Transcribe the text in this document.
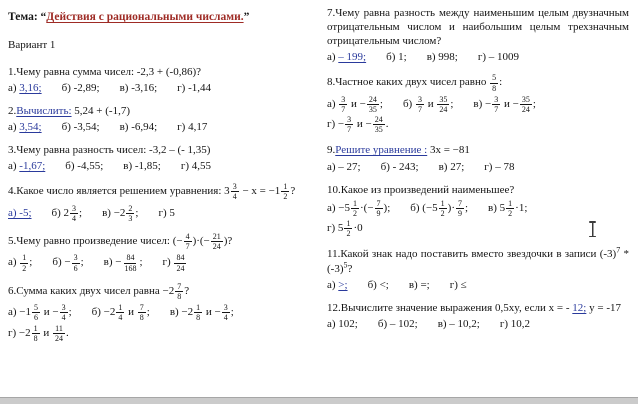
Тема: “Действия с рациональными числами.”
Вариант 1
1.Чему равна сумма чисел: -2,3 + (-0,86)?
а) 3,16; б) -2,89; в) -3,16; г) -1,44
2.Вычислить: 5,24 + (-1,7)
а) 3,54; б) -3,54; в) -6,94; г) 4,17
3.Чему равна разность чисел: -3,2 – (- 1,35)
а) -1,67; б) -4,55; в) -1,85; г) 4,55
4.Какое число является решением уравнения: $3 \frac{3}{4} - x = -1 \frac{1}{2}$ ?
а) -5; б) $2 \frac{3}{4}$ ; $в) -2 \frac{2}{3}$ ; г) 5
5.Чему равно произведение чисел: (− $\frac{4}{7}$ )·(− $\frac{21}{24}$ )?
$а) \frac{1}{2}$ ; $б) - \frac{3}{6}$ ; $в) - \frac{84}{168}$ ; $г) \frac{84}{24}$
6.Сумма каких двух чисел равна $-2 \frac{7}{8}$ ?
$а) -1 \frac{5}{6}$ $и - \frac{3}{4}$ ; $б) -2 \frac{1}{4}$ и $\frac{7}{8}$ ; $в) -2 \frac{1}{8}$ $и - \frac{3}{4}$ ;
$г) -2 \frac{1}{8}$ и $\frac{11}{24}$ .
7.Чему равна разность между наименьшим целым двузначным отрицательным числом и наибольшим целым трехзначным отрицательным числом?
а) – 199; б) 1; в) 998; г) – 1009
8.Частное каких двух чисел равно $\frac{5}{8}$ :
$а) \frac{3}{7}$ $и - \frac{24}{35}$ ; $б) \frac{3}{7}$ и $\frac{35}{24}$ ; $в) - \frac{3}{7}$ $и - \frac{35}{24}$ ;
$г) - \frac{3}{7}$ $и - \frac{24}{35}$ .
9.Решите уравнение : 3x = −81
а) – 27; б) - 243; в) 27; г) – 78
10.Какое из произведений наименьшее?
$а) -5 \frac{1}{2}$ ·(− $\frac{7}{9}$ ); б) ($-5 \frac{1}{2}$ )· $\frac{7}{9}$ ; в) $5 \frac{1}{2} \cdot 1$;
г) $5 \frac{1}{2} \cdot 0$
11.Какой знак надо поставить вместо звездочки в записи $(-3)^7 * (-3)^5$?
а) >; б) <; в) =; г) ≤
12.Вычислите значение выражения 0,5xy, если x = - 12; y = -17
а) 102; б) – 102; в) – 10,2; г) 10,2
